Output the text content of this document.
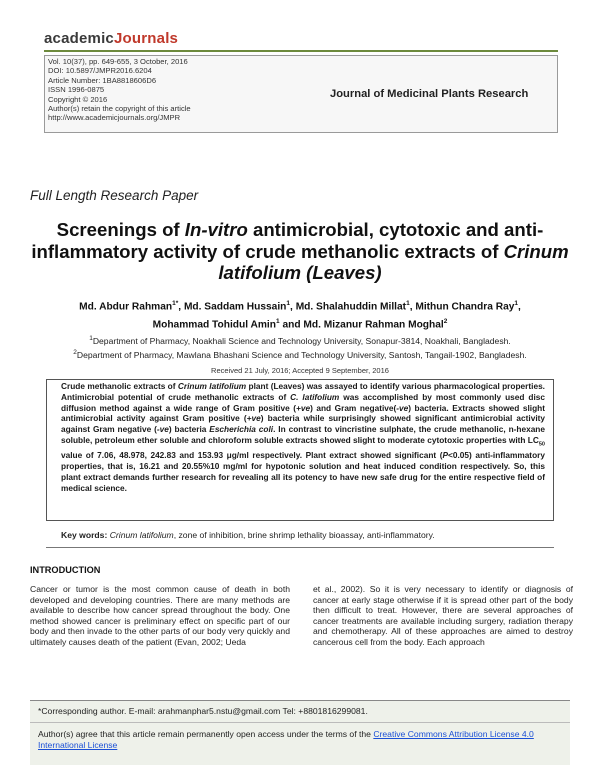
academicJournals
Vol. 10(37), pp. 649-655, 3 October, 2016
DOI: 10.5897/JMPR2016.6204
Article Number: 1BA8818606D6
ISSN 1996-0875
Copyright © 2016
Author(s) retain the copyright of this article
http://www.academicjournals.org/JMPR
Journal of Medicinal Plants Research
Full Length Research Paper
Screenings of In-vitro antimicrobial, cytotoxic and anti-inflammatory activity of crude methanolic extracts of Crinum latifolium (Leaves)
Md. Abdur Rahman$^{1*}$, Md. Saddam Hussain$^1$, Md. Shalahuddin Millat$^1$, Mithun Chandra Ray$^1$,
Mohammad Tohidul Amin$^1$ and Md. Mizanur Rahman Moghal$^2$
$^1$Department of Pharmacy, Noakhali Science and Technology University, Sonapur-3814, Noakhali, Bangladesh.
$^2$Department of Pharmacy, Mawlana Bhashani Science and Technology University, Santosh, Tangail-1902, Bangladesh.
Received 21 July, 2016; Accepted 9 September, 2016
Crude methanolic extracts of Crinum latifolium plant (Leaves) was assayed to identify various pharmacological properties. Antimicrobial potential of crude methanolic extracts of C. latifolium was accomplished by most commonly used disc diffusion method against a wide range of Gram positive (+ve) and Gram negative(-ve) bacteria. Extracts showed slight antimicrobial activity against Gram positive (+ve) bacteria while surprisingly showed significant antimicrobial activity against Gram negative (-ve) bacteria Escherichia coli. In contrast to vincristine sulphate, the crude methanolic, n-hexane soluble, petroleum ether soluble and chloroform soluble extracts showed slight to moderate cytotoxic properties with $LC_{50}$ value of 7.06, 48.978, 242.83 and 153.93 μg/ml respectively. Plant extract showed significant (P<0.05) anti-inflammatory properties, that is, 16.21 and 20.55%10 mg/ml for hypotonic solution and heat induced condition respectively. So, this plant extract demands further research for revealing all its potency to have new safe drug for the entire respective field of medical science.
Key words: Crinum latifolium, zone of inhibition, brine shrimp lethality bioassay, anti-inflammatory.
INTRODUCTION
Cancer or tumor is the most common cause of death in both developed and developing countries. There are many methods are available to describe how cancer spread throughout the body. One method showed cancer is preliminary effect on specific part of our body and then invade to the other parts of our body very quickly and ultimately causes death of the patient (Evan, 2002; Ueda
et al., 2002). So it is very necessary to identify or diagnosis of cancer at early stage otherwise if it is spread other part of the body then difficult to treat. However, there are several approaches of cancer treatments are available including surgery, radiation therapy and chemotherapy. All of these approaches are aimed to destroy cancerous cell from the body. Each approach
*Corresponding author. E-mail: arahmanphar5.nstu@gmail.com Tel: +8801816299081.
Author(s) agree that this article remain permanently open access under the terms of the Creative Commons Attribution License 4.0 International License
